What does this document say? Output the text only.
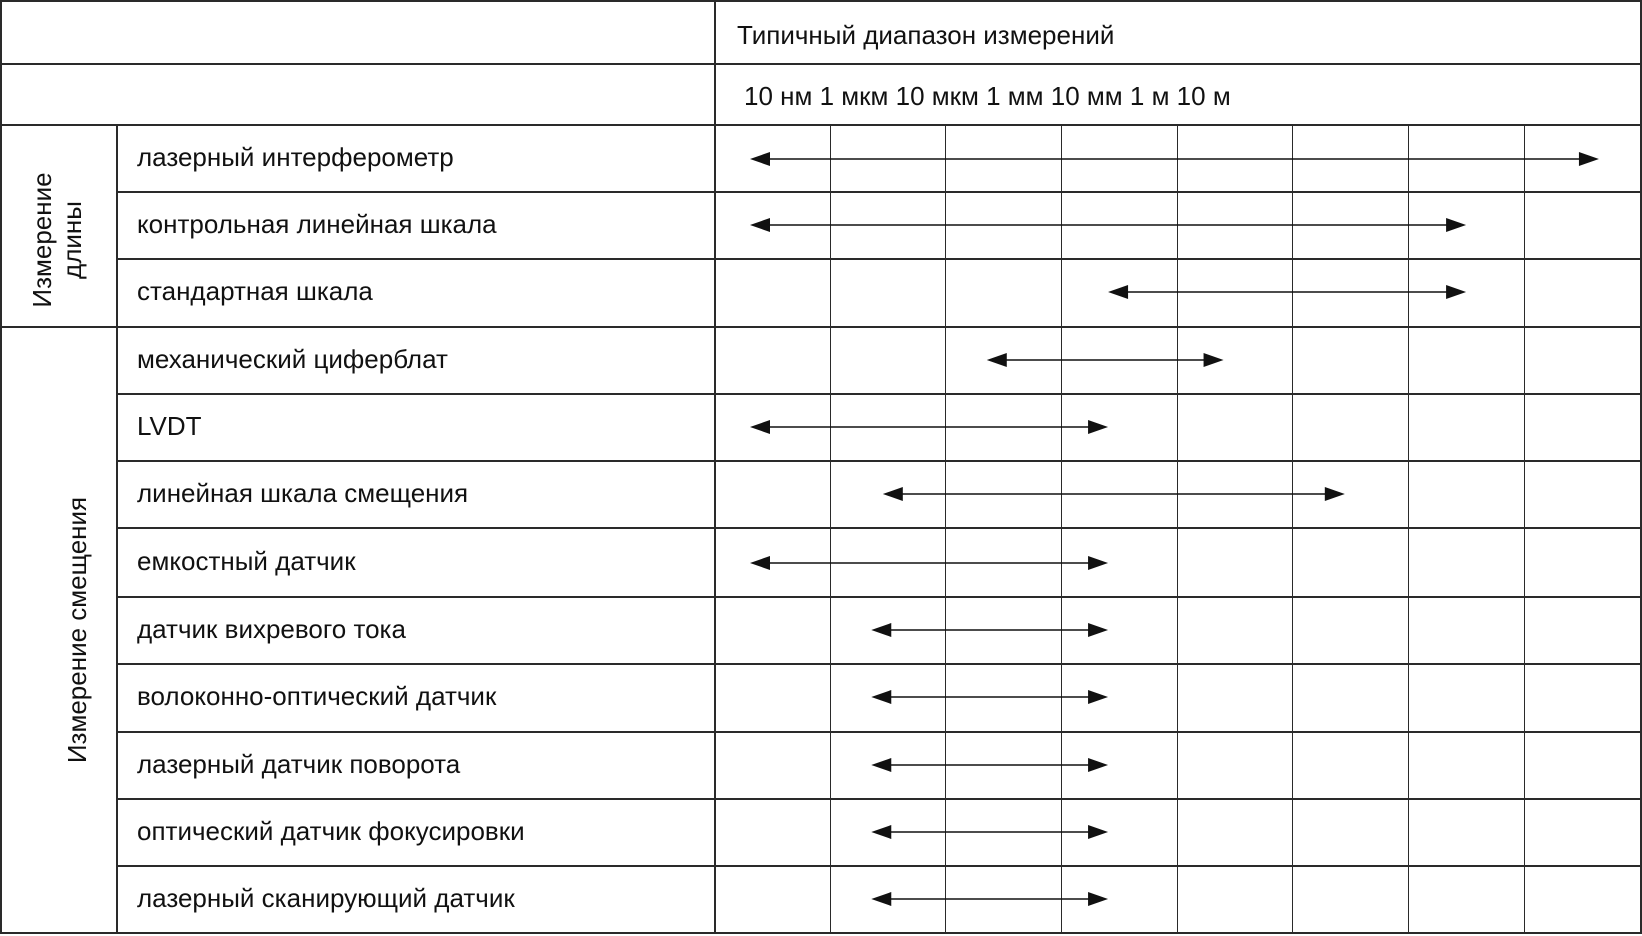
Типичный диапазон измерений
10 нм 1 мкм 10 мкм 1 мм 10 мм 1 м 10 м
Измерение длины
Измерение смещения
лазерный интерферометр
контрольная линейная шкала
стандартная шкала
механический циферблат
LVDT
линейная шкала смещения
емкостный датчик
датчик вихревого тока
волоконно-оптический датчик
лазерный датчик поворота
оптический датчик фокусировки
лазерный сканирующий датчик
